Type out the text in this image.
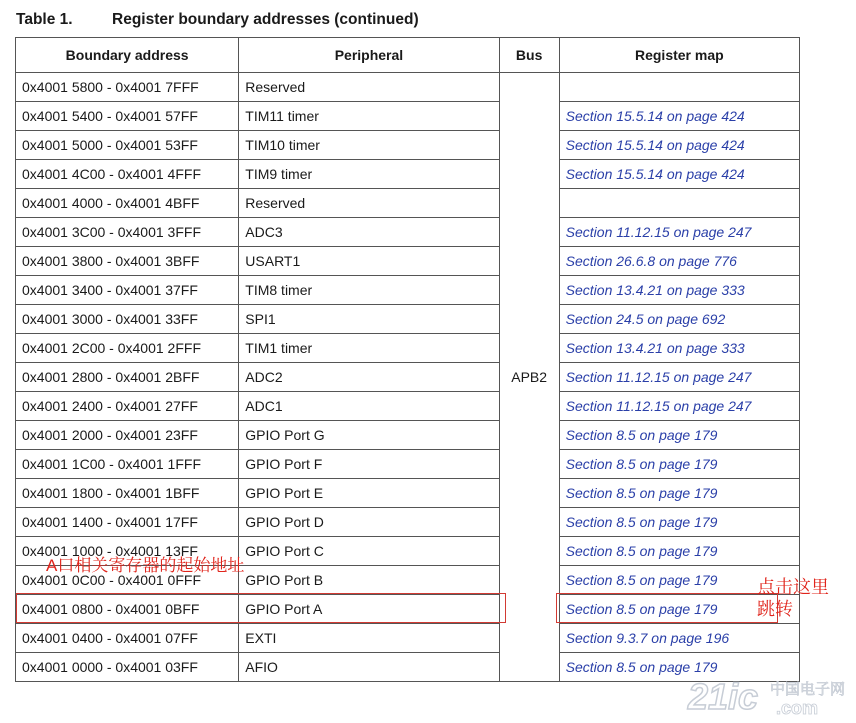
Table 1.	Register boundary addresses (continued)
Boundary address	Peripheral	Bus	Register map
0x4001 5800 - 0x4001 7FFF	Reserved	APB2	
0x4001 5400 - 0x4001 57FF	TIM11 timer		Section 15.5.14 on page 424
0x4001 5000 - 0x4001 53FF	TIM10 timer		Section 15.5.14 on page 424
0x4001 4C00 - 0x4001 4FFF	TIM9 timer		Section 15.5.14 on page 424
0x4001 4000 - 0x4001 4BFF	Reserved		
0x4001 3C00 - 0x4001 3FFF	ADC3		Section 11.12.15 on page 247
0x4001 3800 - 0x4001 3BFF	USART1		Section 26.6.8 on page 776
0x4001 3400 - 0x4001 37FF	TIM8 timer		Section 13.4.21 on page 333
0x4001 3000 - 0x4001 33FF	SPI1		Section 24.5 on page 692
0x4001 2C00 - 0x4001 2FFF	TIM1 timer		Section 13.4.21 on page 333
0x4001 2800 - 0x4001 2BFF	ADC2		Section 11.12.15 on page 247
0x4001 2400 - 0x4001 27FF	ADC1		Section 11.12.15 on page 247
0x4001 2000 - 0x4001 23FF	GPIO Port G		Section 8.5 on page 179
0x4001 1C00 - 0x4001 1FFF	GPIO Port F		Section 8.5 on page 179
0x4001 1800 - 0x4001 1BFF	GPIO Port E		Section 8.5 on page 179
0x4001 1400 - 0x4001 17FF	GPIO Port D		Section 8.5 on page 179
0x4001 1000 - 0x4001 13FF	GPIO Port C		Section 8.5 on page 179
0x4001 0C00 - 0x4001 0FFF	GPIO Port B		Section 8.5 on page 179
0x4001 0800 - 0x4001 0BFF	GPIO Port A		Section 8.5 on page 179
0x4001 0400 - 0x4001 07FF	EXTI		Section 9.3.7 on page 196
0x4001 0000 - 0x4001 03FF	AFIO		Section 8.5 on page 179
A口相关寄存器的起始地址
点击这里
跳转
21ic 中国电子网
.com
